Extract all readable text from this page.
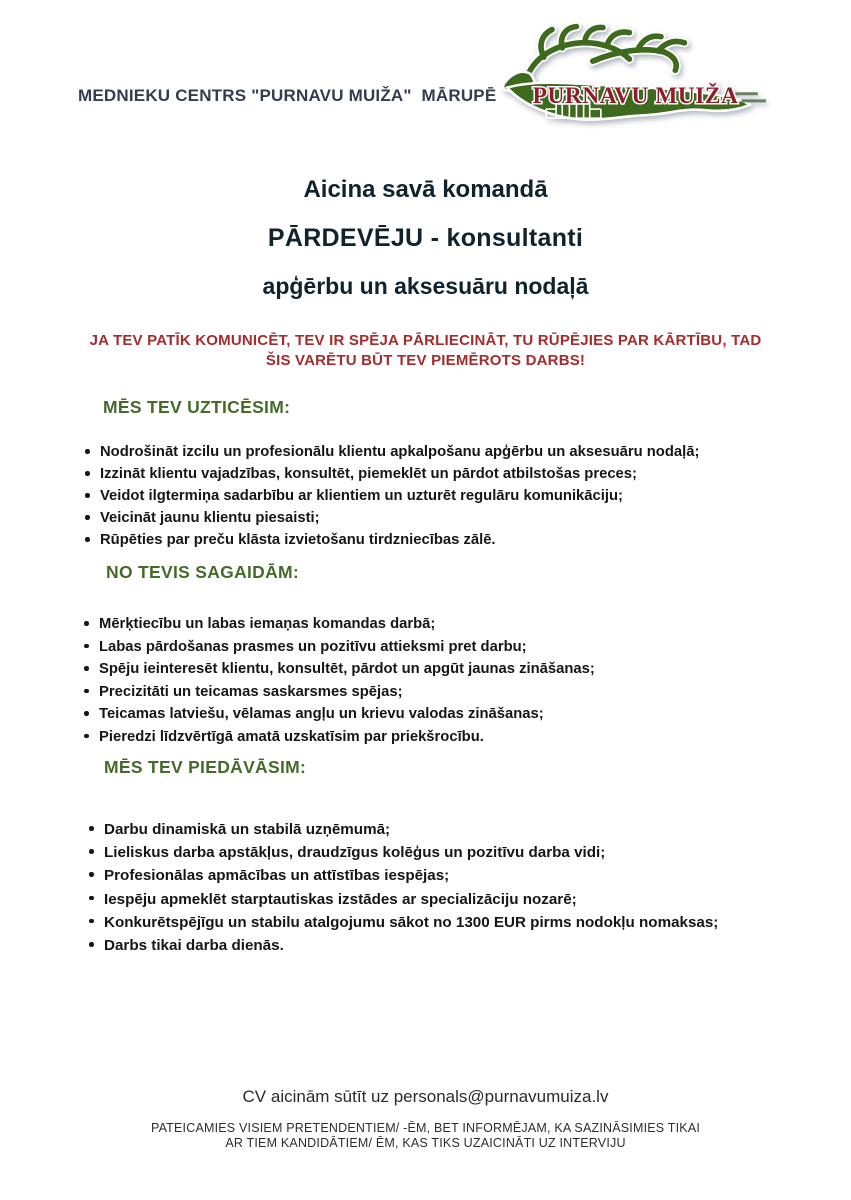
MEDNIEKU CENTRS "PURNAVU MUIŽA"  MĀRUPĒ	PURNAVU MUIŽA
Aicina savā komandā
PĀRDEVĒJU - konsultanti
apģērbu un aksesuāru nodaļā
JA TEV PATĪK KOMUNICĒT, TEV IR SPĒJA PĀRLIECINĀT, TU RŪPĒJIES PAR KĀRTĪBU, TAD ŠIS VARĒTU BŪT TEV PIEMĒROTS DARBS!
MĒS TEV UZTICĒSIM:
Nodrošināt izcilu un profesionālu klientu apkalpošanu apģērbu un aksesuāru nodaļā;
Izzināt klientu vajadzības, konsultēt, piemeklēt un pārdot atbilstošas preces;
Veidot ilgtermiņa sadarbību ar klientiem un uzturēt regulāru komunikāciju;
Veicināt jaunu klientu piesaisti;
Rūpēties par preču klāsta izvietošanu tirdzniecības zālē.
NO TEVIS SAGAIDĀM:
Mērķtiecību un labas iemaņas komandas darbā;
Labas pārdošanas prasmes un pozitīvu attieksmi pret darbu;
Spēju ieinteresēt klientu, konsultēt, pārdot un apgūt jaunas zināšanas;
Precizitāti un teicamas saskarsmes spējas;
Teicamas latviešu, vēlamas angļu un krievu valodas zināšanas;
Pieredzi līdzvērtīgā amatā uzskatīsim par priekšrocību.
MĒS TEV PIEDĀVĀSIM:
Darbu dinamiskā un stabilā uzņēmumā;
Lieliskus darba apstākļus, draudzīgus kolēģus un pozitīvu darba vidi;
Profesionālas apmācības un attīstības iespējas;
Iespēju apmeklēt starptautiskas izstādes ar specializāciju nozarē;
Konkurētspējīgu un stabilu atalgojumu sākot no 1300 EUR pirms nodokļu nomaksas;
Darbs tikai darba dienās.
CV aicinām sūtīt uz personals@purnavumuiza.lv
PATEICAMIES VISIEM PRETENDENTIEM/ -ĒM, BET INFORMĒJAM, KA SAZINĀSIMIES TIKAI AR TIEM KANDIDĀTIEM/ ĒM, KAS TIKS UZAICINĀTI UZ INTERVIJU
